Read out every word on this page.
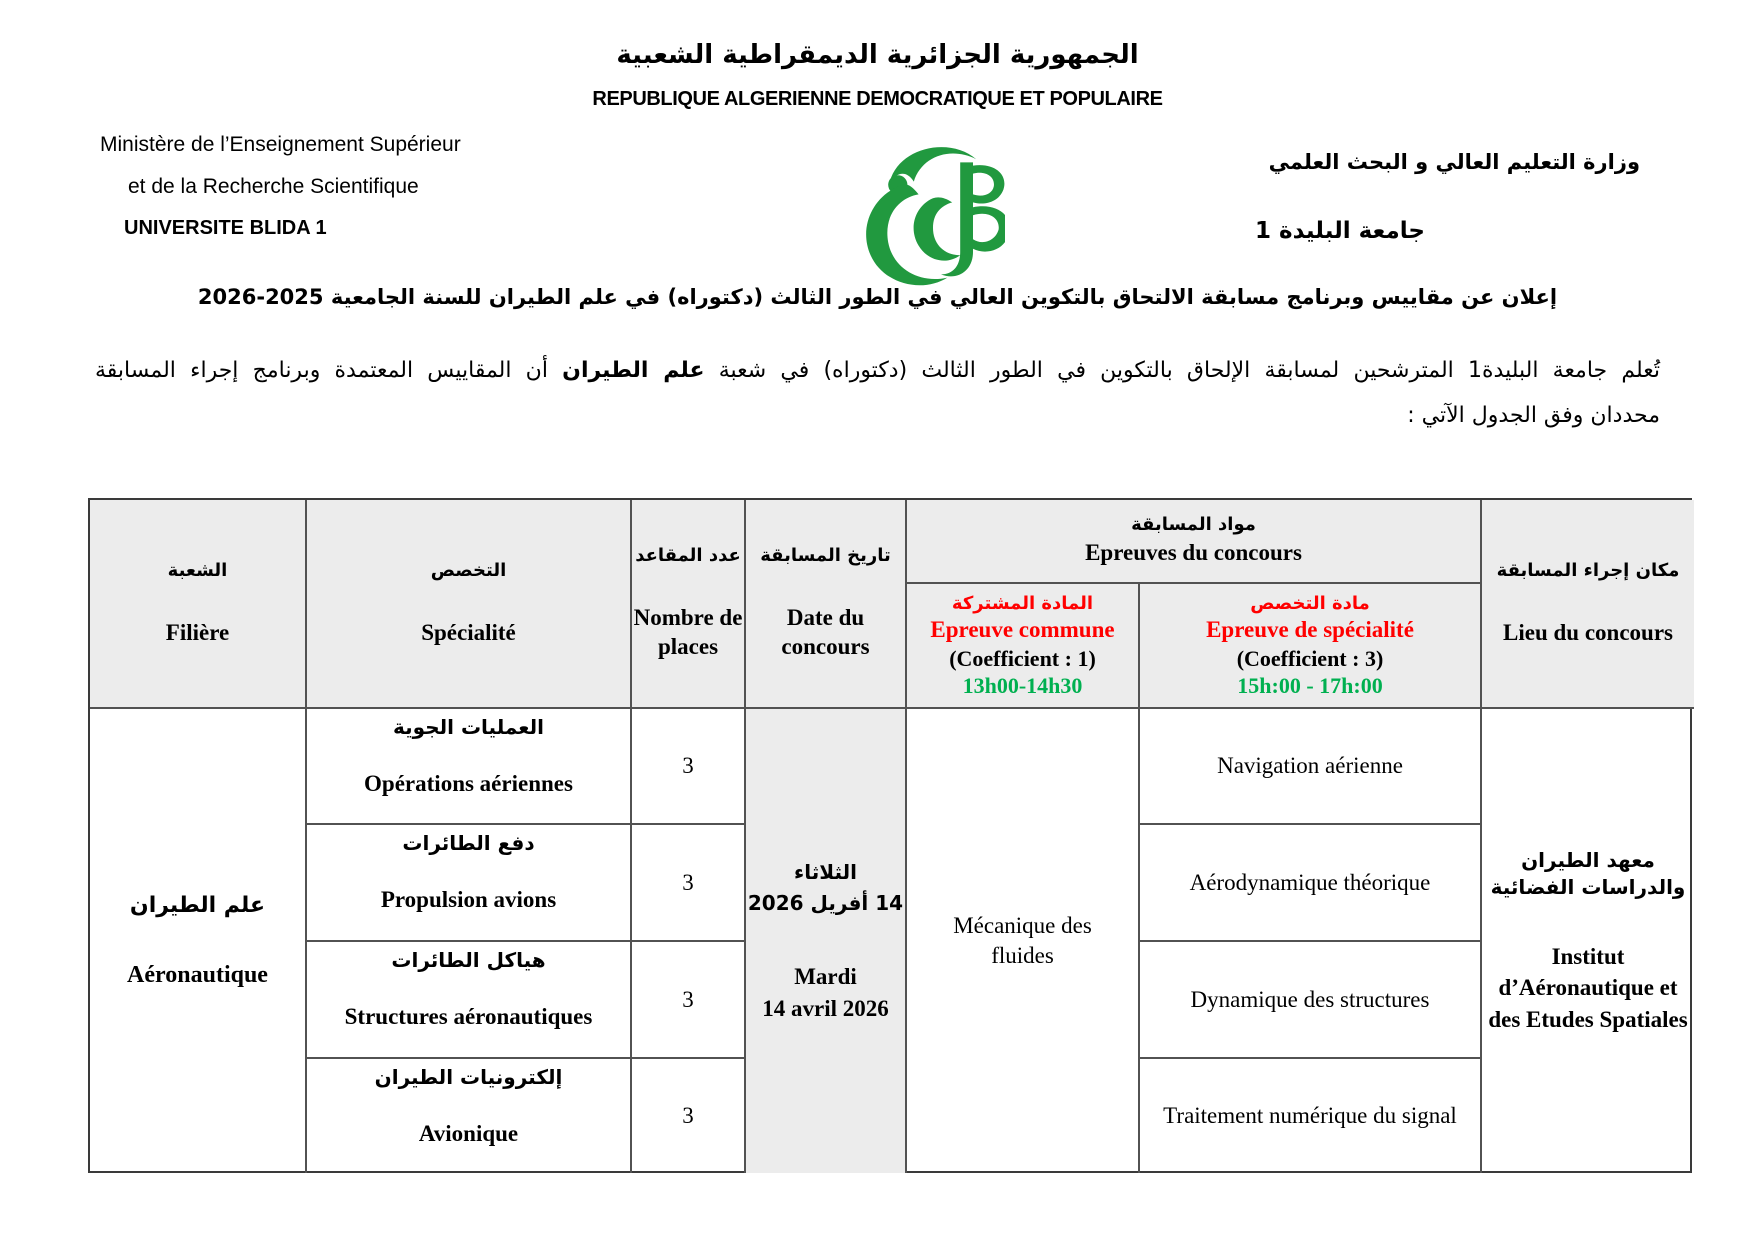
الجمهورية الجزائرية الديمقراطية الشعبية
REPUBLIQUE ALGERIENNE DEMOCRATIQUE ET POPULAIRE
Ministère de l’Enseignement Supérieur
et de la Recherche Scientifique
UNIVERSITE BLIDA 1
وزارة التعليم العالي و البحث العلمي
جامعة البليدة 1
إعلان عن مقاييس وبرنامج مسابقة الالتحاق بالتكوين العالي في الطور الثالث (دكتوراه) في علم الطيران للسنة الجامعية 2026-2025
تُعلم جامعة البليدة1 المترشحين لمسابقة الإلحاق بالتكوين في الطور الثالث (دكتوراه) في شعبة علم الطيران أن المقاييس المعتمدة وبرنامج إجراء المسابقة
محددان وفق الجدول الآتي :
الشعبة
Filière
التخصص
Spécialité
عدد المقاعد
Nombre de places
تاريخ المسابقة
Date du concours
مواد المسابقة
Epreuves du concours
مكان إجراء المسابقة
Lieu du concours
المادة المشتركة
Epreuve commune
(Coefficient : 1)
13h00-14h30
مادة التخصص
Epreuve de spécialité
(Coefficient : 3)
15h:00 - 17h:00
علم الطيران
Aéronautique
العمليات الجوية
Opérations aériennes
دفع الطائرات
Propulsion avions
هياكل الطائرات
Structures aéronautiques
إلكترونيات الطيران
Avionique
3
3
3
3
الثلاثاء
14 أفريل 2026
Mardi
14 avril 2026
Mécanique des fluides
Navigation aérienne
Aérodynamique théorique
Dynamique des structures
Traitement numérique du signal
معهد الطيران والدراسات الفضائية
Institut d’Aéronautique et des Etudes Spatiales
